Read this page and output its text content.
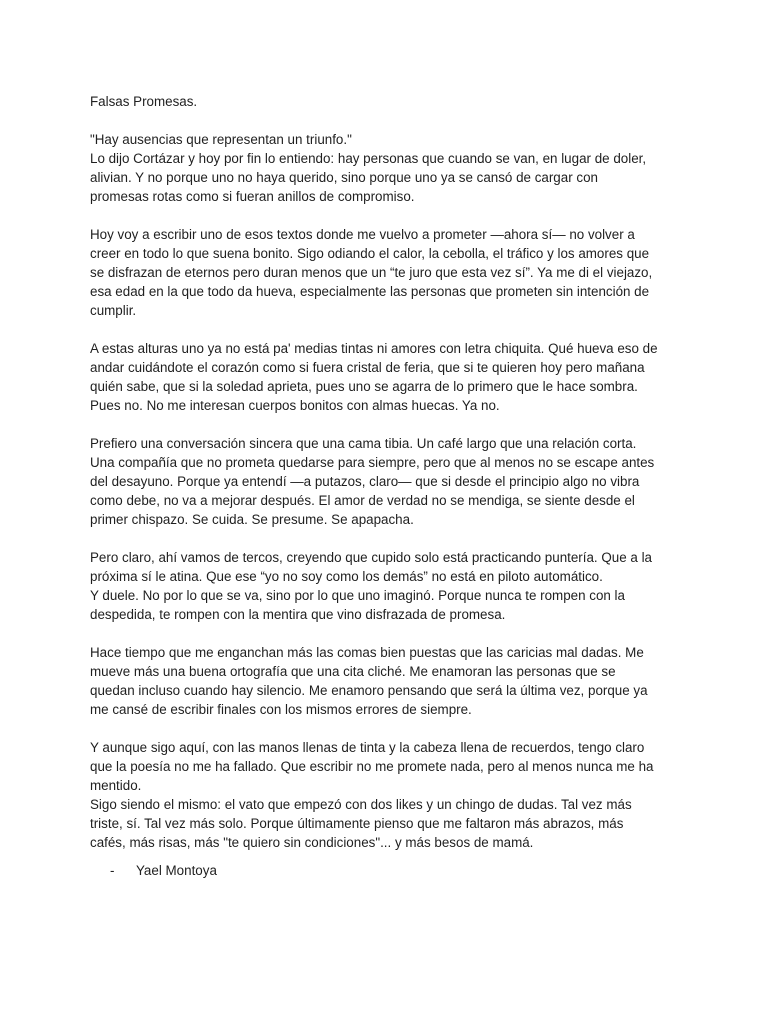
Falsas Promesas.

"Hay ausencias que representan un triunfo."
Lo dijo Cortázar y hoy por fin lo entiendo: hay personas que cuando se van, en lugar de doler,
alivian. Y no porque uno no haya querido, sino porque uno ya se cansó de cargar con
promesas rotas como si fueran anillos de compromiso.

Hoy voy a escribir uno de esos textos donde me vuelvo a prometer —ahora sí— no volver a
creer en todo lo que suena bonito. Sigo odiando el calor, la cebolla, el tráfico y los amores que
se disfrazan de eternos pero duran menos que un “te juro que esta vez sí”. Ya me di el viejazo,
esa edad en la que todo da hueva, especialmente las personas que prometen sin intención de
cumplir.

A estas alturas uno ya no está pa' medias tintas ni amores con letra chiquita. Qué hueva eso de
andar cuidándote el corazón como si fuera cristal de feria, que si te quieren hoy pero mañana
quién sabe, que si la soledad aprieta, pues uno se agarra de lo primero que le hace sombra.
Pues no. No me interesan cuerpos bonitos con almas huecas. Ya no.

Prefiero una conversación sincera que una cama tibia. Un café largo que una relación corta.
Una compañía que no prometa quedarse para siempre, pero que al menos no se escape antes
del desayuno. Porque ya entendí —a putazos, claro— que si desde el principio algo no vibra
como debe, no va a mejorar después. El amor de verdad no se mendiga, se siente desde el
primer chispazo. Se cuida. Se presume. Se apapacha.

Pero claro, ahí vamos de tercos, creyendo que cupido solo está practicando puntería. Que a la
próxima sí le atina. Que ese “yo no soy como los demás” no está en piloto automático.
Y duele. No por lo que se va, sino por lo que uno imaginó. Porque nunca te rompen con la
despedida, te rompen con la mentira que vino disfrazada de promesa.

Hace tiempo que me enganchan más las comas bien puestas que las caricias mal dadas. Me
mueve más una buena ortografía que una cita cliché. Me enamoran las personas que se
quedan incluso cuando hay silencio. Me enamoro pensando que será la última vez, porque ya
me cansé de escribir finales con los mismos errores de siempre.

Y aunque sigo aquí, con las manos llenas de tinta y la cabeza llena de recuerdos, tengo claro
que la poesía no me ha fallado. Que escribir no me promete nada, pero al menos nunca me ha
mentido.
Sigo siendo el mismo: el vato que empezó con dos likes y un chingo de dudas. Tal vez más
triste, sí. Tal vez más solo. Porque últimamente pienso que me faltaron más abrazos, más
cafés, más risas, más "te quiero sin condiciones"... y más besos de mamá.

- Yael Montoya
